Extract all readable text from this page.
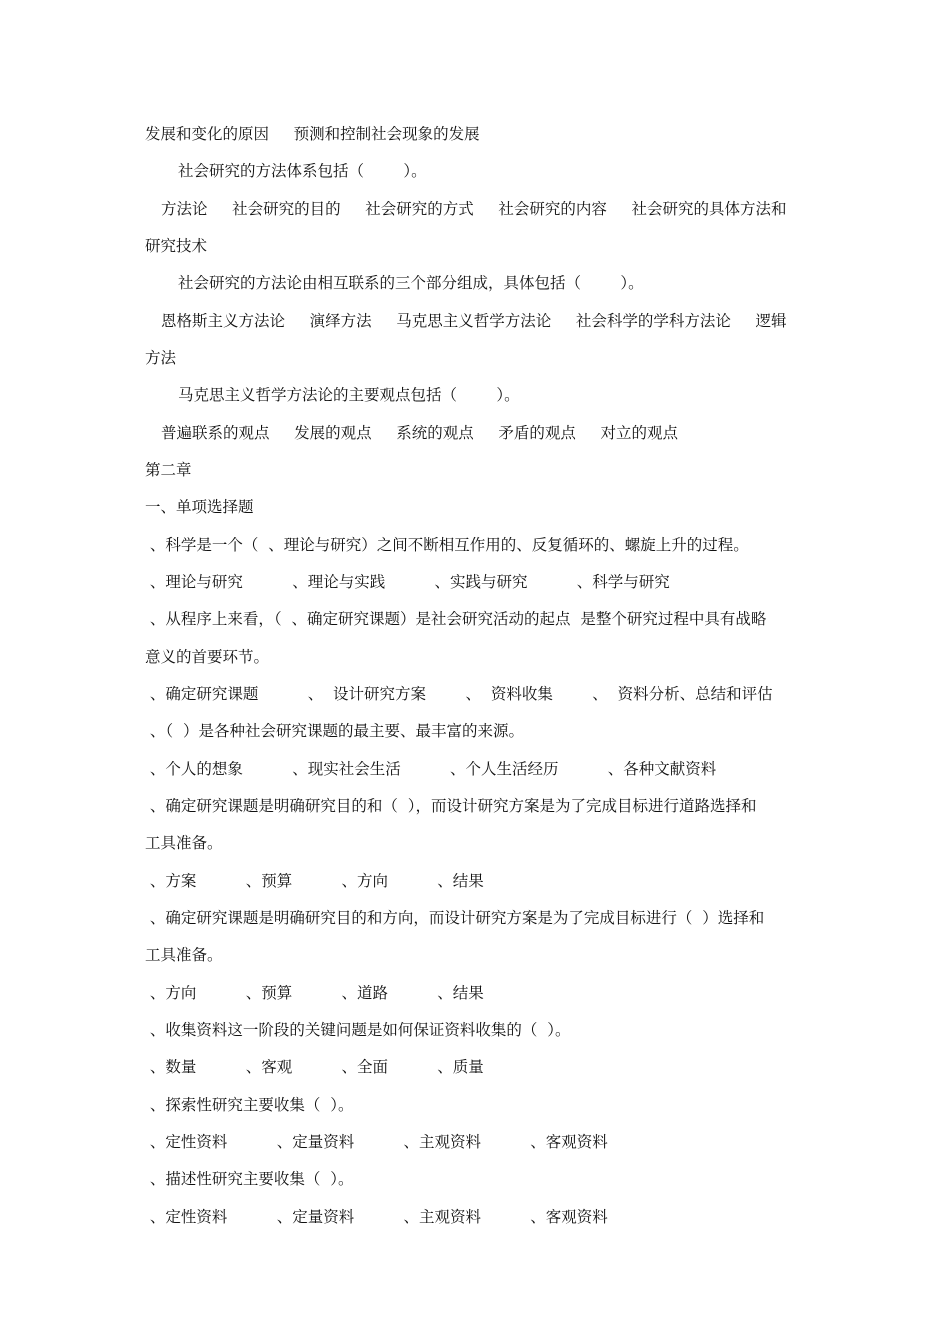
发展和变化的原因     预测和控制社会现象的发展
社会研究的方法体系包括（        ）。
方法论     社会研究的目的     社会研究的方式     社会研究的内容     社会研究的具体方法和
研究技术
社会研究的方法论由相互联系的三个部分组成，具体包括（        ）。
恩格斯主义方法论     演绎方法     马克思主义哲学方法论     社会科学的学科方法论     逻辑
方法
马克思主义哲学方法论的主要观点包括（        ）。
普遍联系的观点     发展的观点     系统的观点     矛盾的观点     对立的观点
第二章
一、单项选择题
、科学是一个（  、理论与研究）之间不断相互作用的、反复循环的、螺旋上升的过程。
、理论与研究          、理论与实践          、实践与研究          、科学与研究
、从程序上来看，（  、确定研究课题）是社会研究活动的起点  是整个研究过程中具有战略
意义的首要环节。
、确定研究课题          、  设计研究方案        、  资料收集        、  资料分析、总结和评估
、（  ）是各种社会研究课题的最主要、最丰富的来源。
、个人的想象          、现实社会生活          、个人生活经历          、各种文献资料
、确定研究课题是明确研究目的和（  ），而设计研究方案是为了完成目标进行道路选择和
工具准备。
、方案          、预算          、方向          、结果
、确定研究课题是明确研究目的和方向，而设计研究方案是为了完成目标进行（  ）选择和
工具准备。
、方向          、预算          、道路          、结果
、收集资料这一阶段的关键问题是如何保证资料收集的（  ）。
、数量          、客观          、全面          、质量
、探索性研究主要收集（  ）。
、定性资料          、定量资料          、主观资料          、客观资料
、描述性研究主要收集（  ）。
、定性资料          、定量资料          、主观资料          、客观资料
